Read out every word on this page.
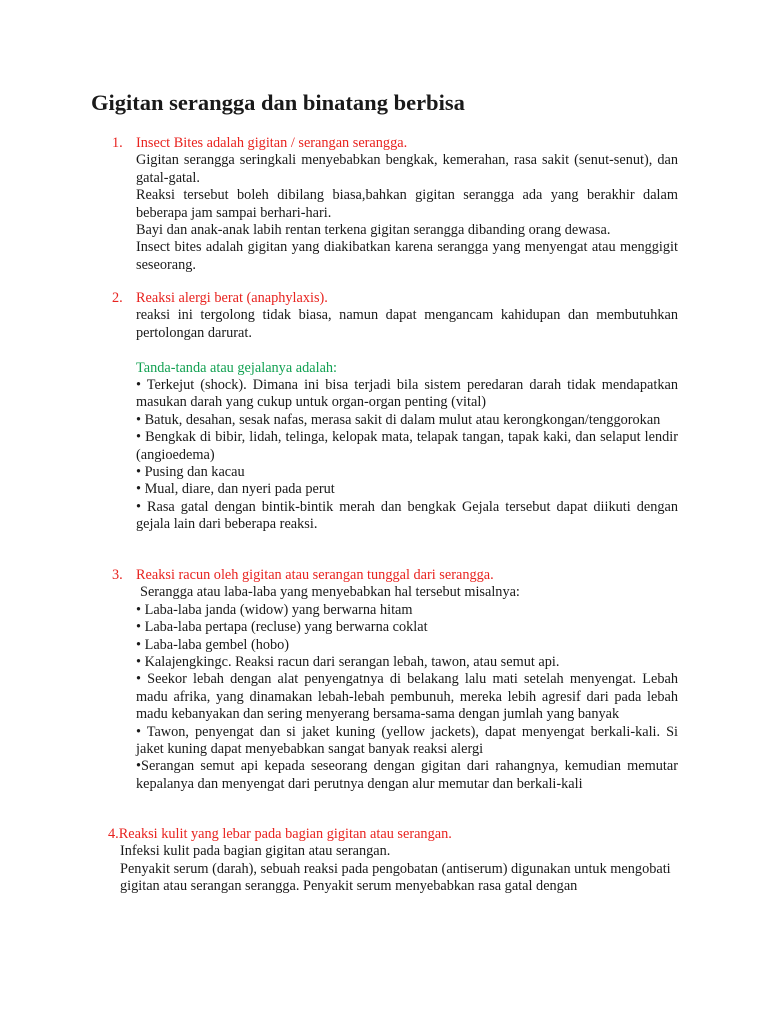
Gigitan serangga dan binatang berbisa
1. Insect Bites adalah gigitan / serangan serangga.

Gigitan serangga seringkali menyebabkan bengkak, kemerahan, rasa sakit (senut-senut), dan gatal-gatal.

Reaksi tersebut boleh dibilang biasa,bahkan gigitan serangga ada yang berakhir dalam beberapa jam sampai berhari-hari.

Bayi dan anak-anak labih rentan terkena gigitan serangga dibanding orang dewasa.

Insect bites adalah gigitan yang diakibatkan karena serangga yang menyengat atau menggigit seseorang.

2. Reaksi alergi berat (anaphylaxis).

reaksi ini tergolong tidak biasa, namun dapat mengancam kahidupan dan membutuhkan pertolongan darurat.

Tanda-tanda atau gejalanya adalah:

• Terkejut (shock). Dimana ini bisa terjadi bila sistem peredaran darah tidak mendapatkan masukan darah yang cukup untuk organ-organ penting (vital)

• Batuk, desahan, sesak nafas, merasa sakit di dalam mulut atau kerongkongan/tenggorokan

• Bengkak di bibir, lidah, telinga, kelopak mata, telapak tangan, tapak kaki, dan selaput lendir (angioedema)

• Pusing dan kacau

• Mual, diare, dan nyeri pada perut

• Rasa gatal dengan bintik-bintik merah dan bengkak Gejala tersebut dapat diikuti dengan gejala lain dari beberapa reaksi.

3. Reaksi racun oleh gigitan atau serangan tunggal dari serangga.

Serangga atau laba-laba yang menyebabkan hal tersebut misalnya:

• Laba-laba janda (widow) yang berwarna hitam

• Laba-laba pertapa (recluse) yang berwarna coklat

• Laba-laba gembel (hobo)

• Kalajengkingc. Reaksi racun dari serangan lebah, tawon, atau semut api.

• Seekor lebah dengan alat penyengatnya di belakang lalu mati setelah menyengat. Lebah madu afrika, yang dinamakan lebah-lebah pembunuh, mereka lebih agresif dari pada lebah madu kebanyakan dan sering menyerang bersama-sama dengan jumlah yang banyak

• Tawon, penyengat dan si jaket kuning (yellow jackets), dapat menyengat berkali-kali. Si jaket kuning dapat menyebabkan sangat banyak reaksi alergi

•Serangan semut api kepada seseorang dengan gigitan dari rahangnya, kemudian memutar kepalanya dan menyengat dari perutnya dengan alur memutar dan berkali-kali

4.Reaksi kulit yang lebar pada bagian gigitan atau serangan.

Infeksi kulit pada bagian gigitan atau serangan.

Penyakit serum (darah), sebuah reaksi pada pengobatan (antiserum) digunakan untuk mengobati gigitan atau serangan serangga. Penyakit serum menyebabkan rasa gatal dengan
